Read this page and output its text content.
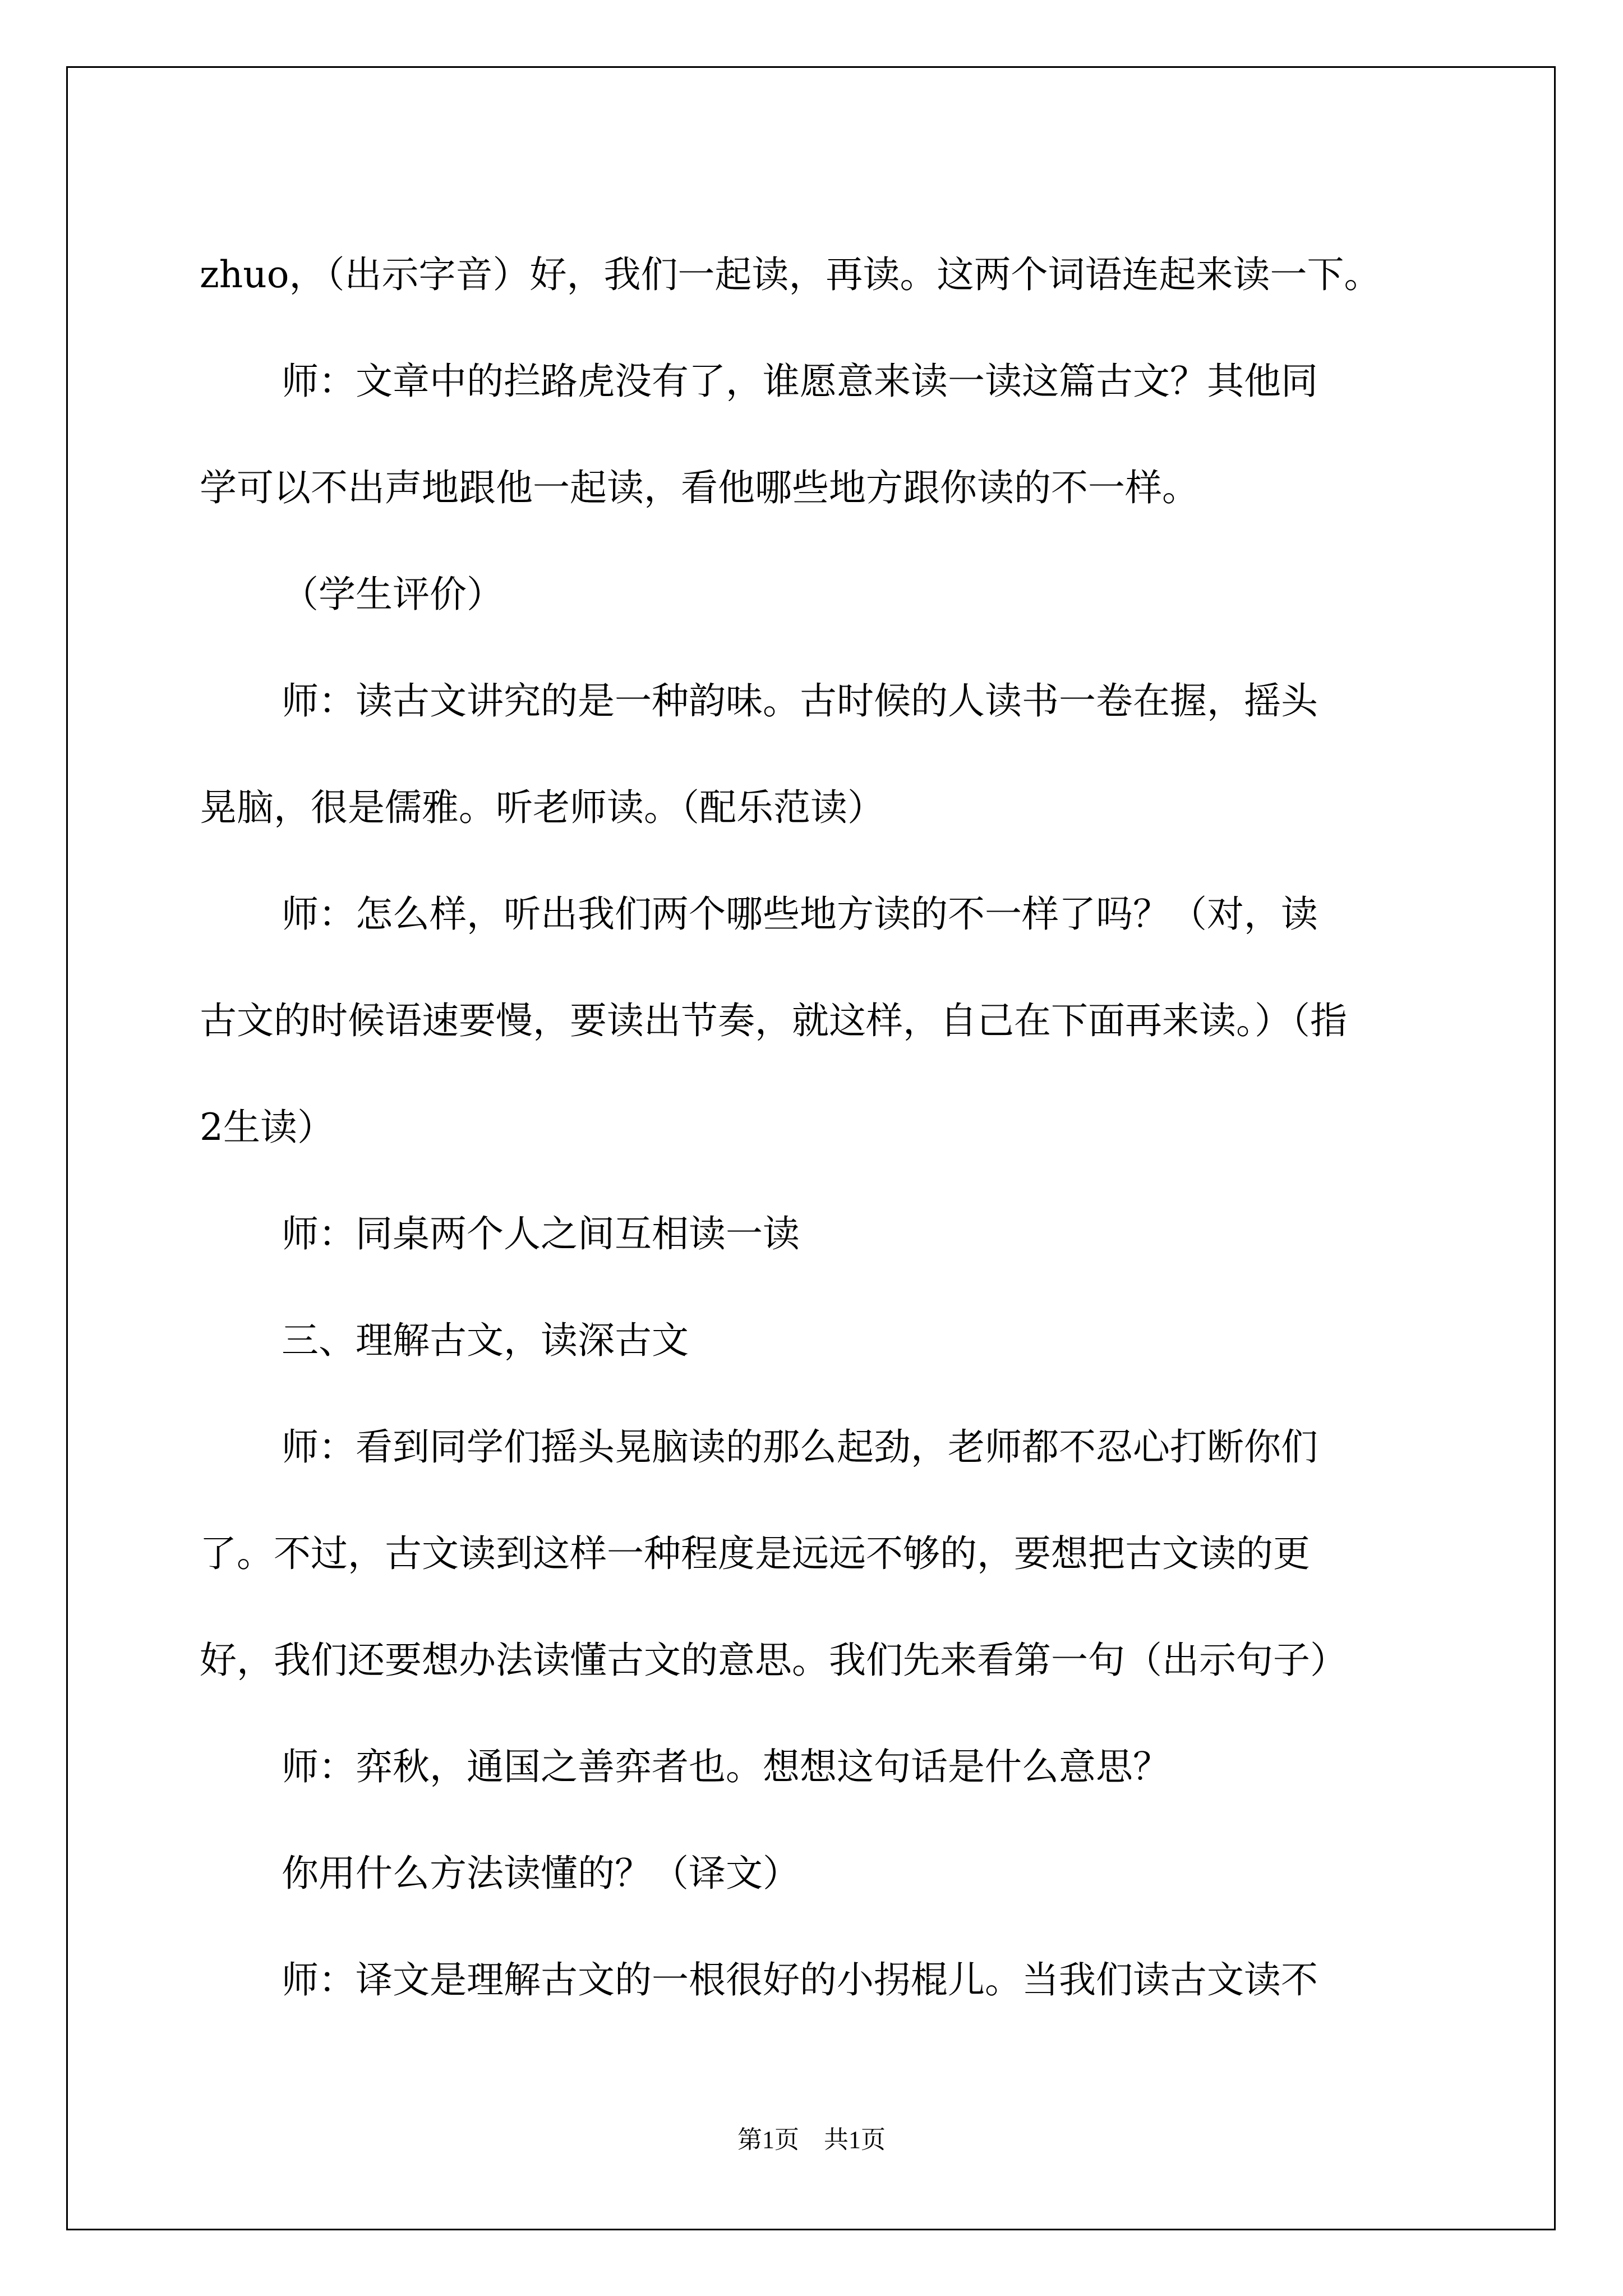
zhuo，（出示字音）好，我们一起读，再读。这两个词语连起来读一下。

师：文章中的拦路虎没有了，谁愿意来读一读这篇古文？其他同

学可以不出声地跟他一起读，看他哪些地方跟你读的不一样。

（学生评价）

师：读古文讲究的是一种韵味。古时候的人读书一卷在握，摇头

晃脑，很是儒雅。听老师读。（配乐范读）

师：怎么样，听出我们两个哪些地方读的不一样了吗？（对，读

古文的时候语速要慢，要读出节奏，就这样，自己在下面再来读。）（指

2生读）

师：同桌两个人之间互相读一读

三、理解古文，读深古文

师：看到同学们摇头晃脑读的那么起劲，老师都不忍心打断你们

了。不过，古文读到这样一种程度是远远不够的，要想把古文读的更

好，我们还要想办法读懂古文的意思。我们先来看第一句（出示句子）

师：弈秋，通国之善弈者也。想想这句话是什么意思？

你用什么方法读懂的？（译文）

师：译文是理解古文的一根很好的小拐棍儿。当我们读古文读不

第1页　共1页
